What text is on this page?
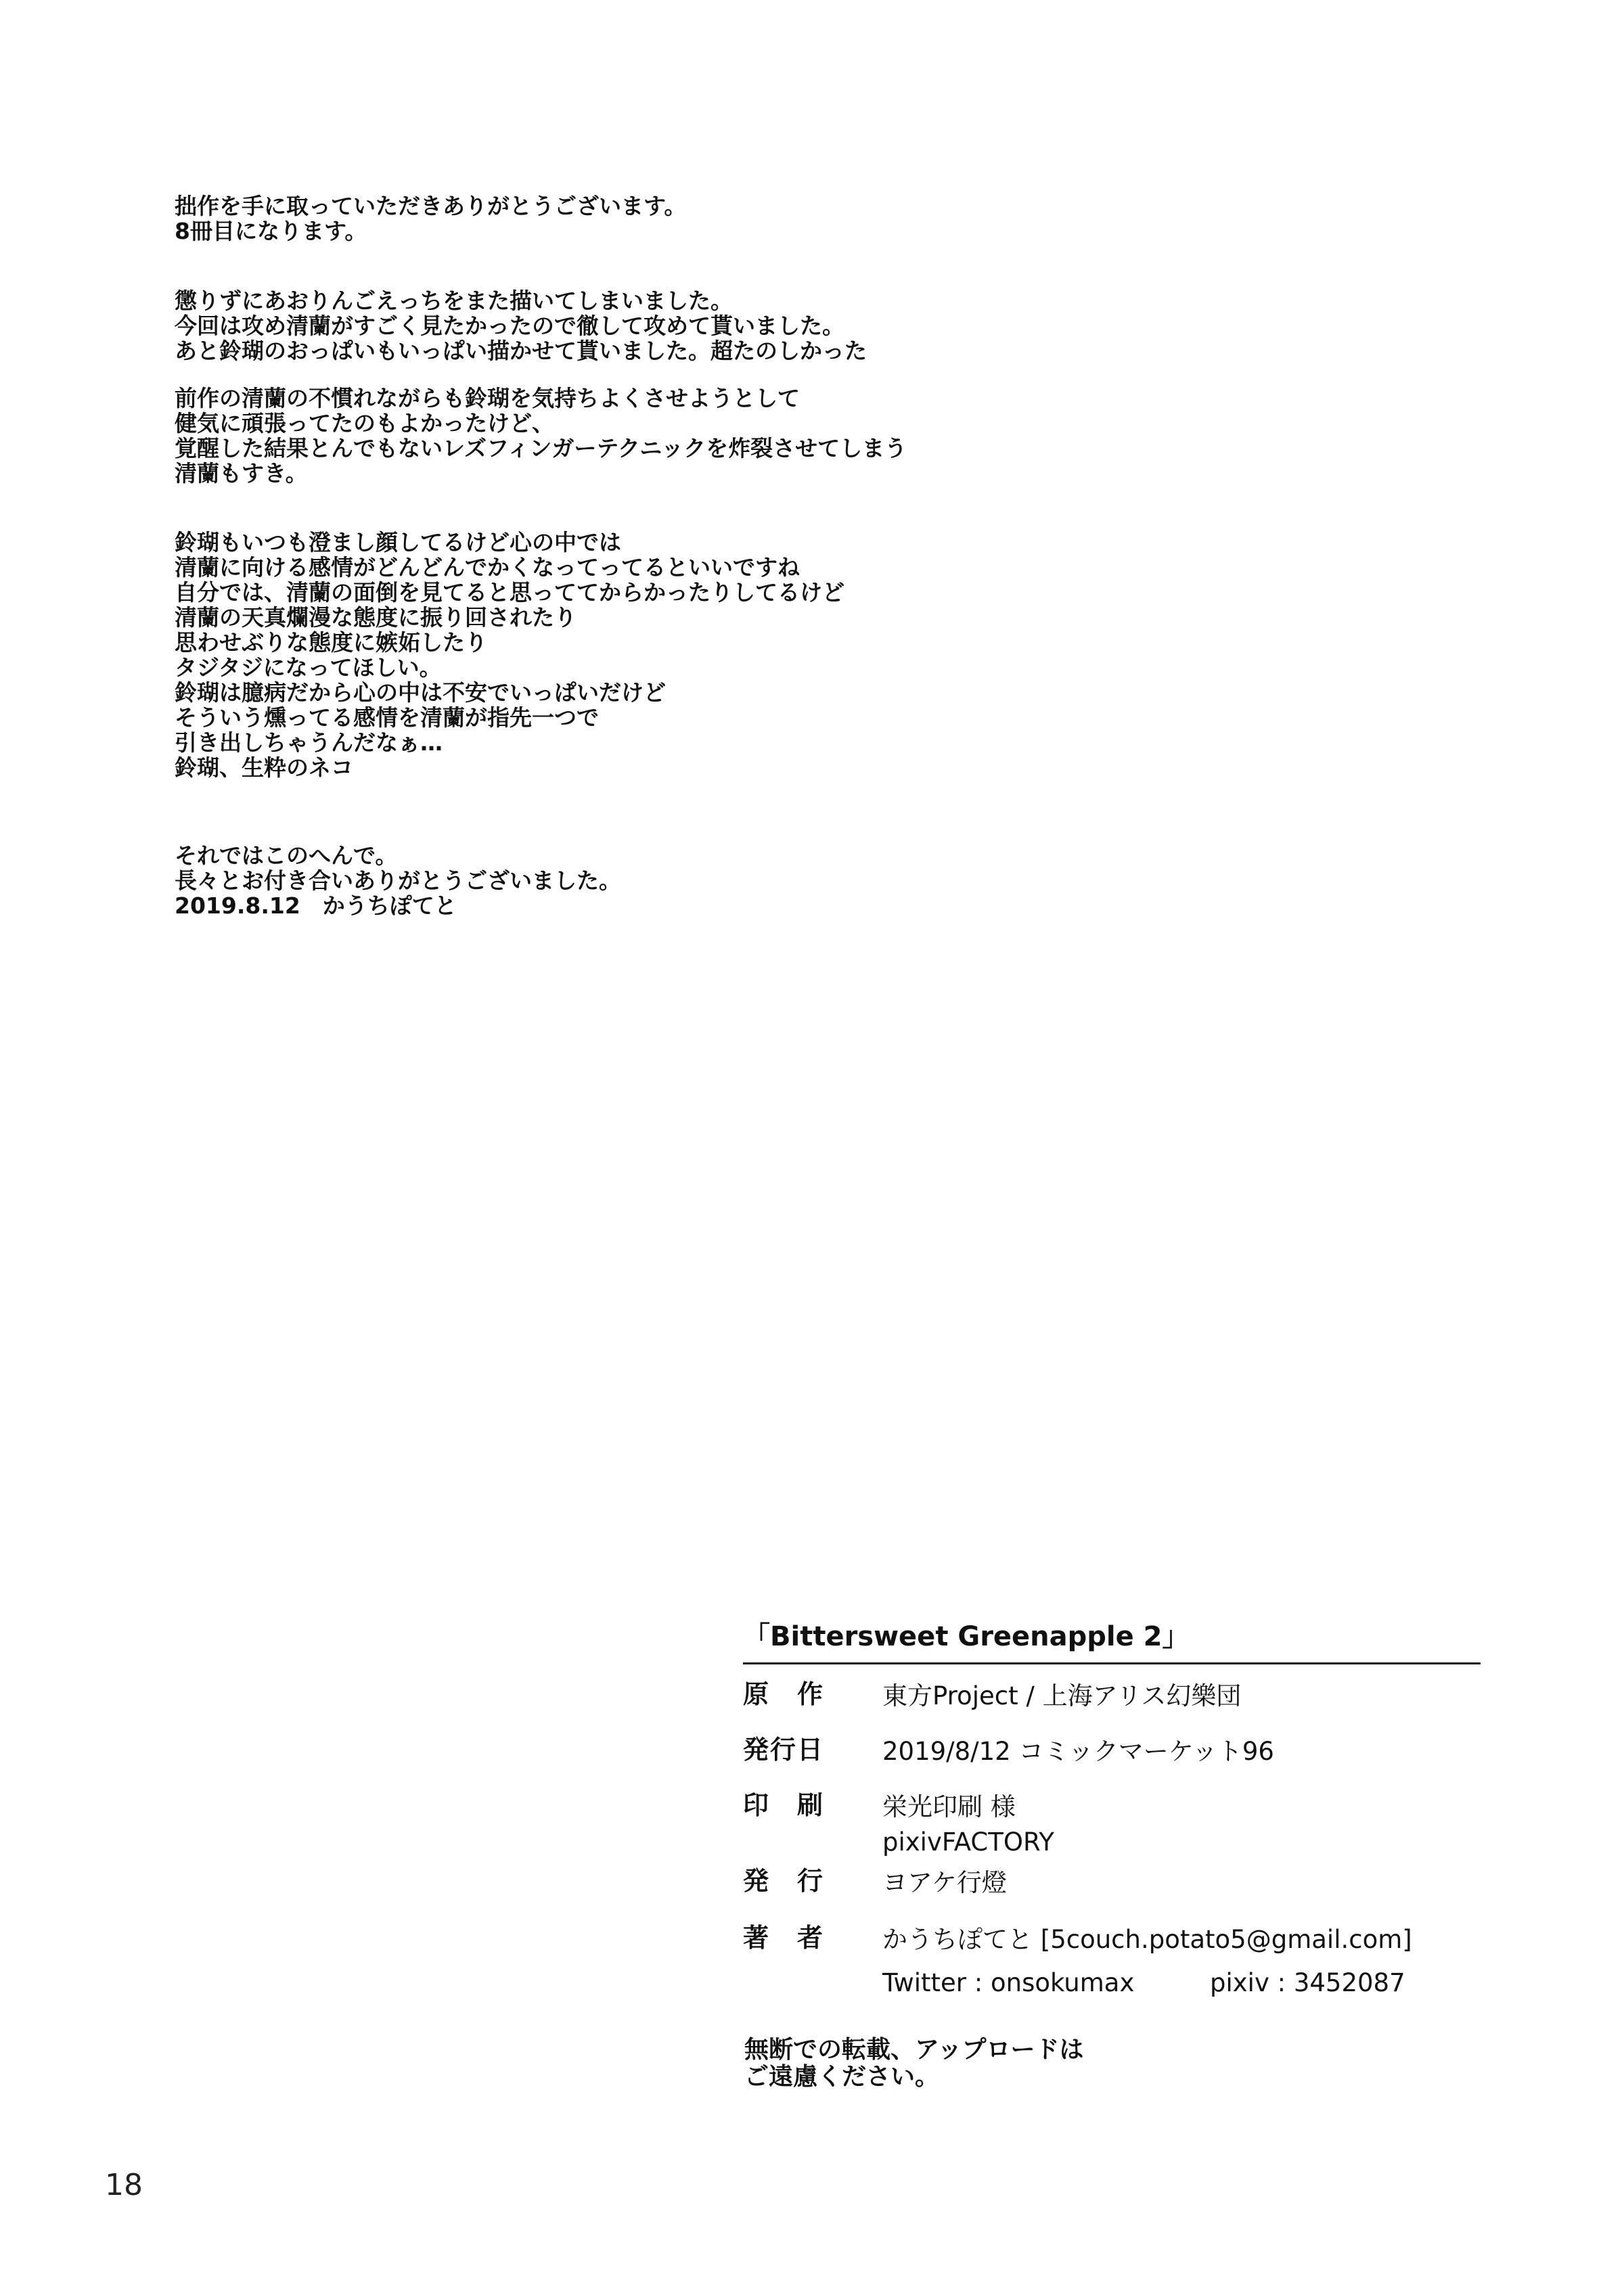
拙作を手に取っていただきありがとうございます。
8冊目になります。
懲りずにあおりんごえっちをまた描いてしまいました。
今回は攻め清蘭がすごく見たかったので徹して攻めて貰いました。
あと鈴瑚のおっぱいもいっぱい描かせて貰いました。超たのしかった
前作の清蘭の不慣れながらも鈴瑚を気持ちよくさせようとして
健気に頑張ってたのもよかったけど、
覚醒した結果とんでもないレズフィンガーテクニックを炸裂させてしまう
清蘭もすき。
鈴瑚もいつも澄まし顔してるけど心の中では
清蘭に向ける感情がどんどんでかくなってってるといいですね
自分では、清蘭の面倒を見てると思っててからかったりしてるけど
清蘭の天真爛漫な態度に振り回されたり
思わせぶりな態度に嫉妬したり
タジタジになってほしい。
鈴瑚は臆病だから心の中は不安でいっぱいだけど
そういう燻ってる感情を清蘭が指先一つで
引き出しちゃうんだなぁ…
鈴瑚、生粋のネコ
それではこのへんで。
長々とお付き合いありがとうございました。
2019.8.12　かうちぽてと
「Bittersweet Greenapple 2」
原　作	東方Project / 上海アリス幻樂団
発行日	2019/8/12 コミックマーケット96
印　刷	栄光印刷 様
pixivFACTORY
発　行	ヨアケ行燈
著　者	かうちぽてと [5couch.potato5@gmail.com]
Twitter : onsokumax	pixiv : 3452087
無断での転載、アップロードは
ご遠慮ください。
18
